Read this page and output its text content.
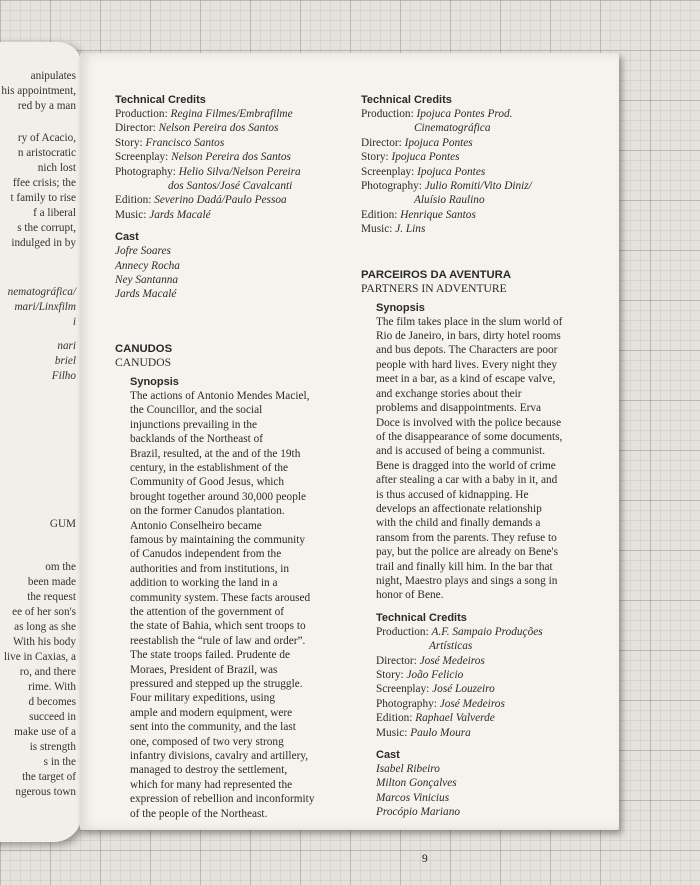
anipulates
his appointment,
red by a man
ry of Acacio,
n aristocratic
nich lost
ffee crisis; the
t family to rise
f a liberal
s the corrupt,
indulged in by
nematográfica/
mari/Linxfilm
i
nari
briel
Filho
GUM
om the
been made
the request
ee of her son's
as long as she
With his body
live in Caxias, a
ro, and there
rime. With
d becomes
succeed in
make use of a
is strength
s in the
the target of
ngerous town

Technical Credits

Production: Regina Filmes/Embrafilme

Director: Nelson Pereira dos Santos

Story: Francisco Santos

Screenplay: Nelson Pereira dos Santos

Photography: Helio Silva/Nelson Pereira

dos Santos/José Cavalcanti

Edition: Severino Dadá/Paulo Pessoa

Music: Jards Macalé

Cast

Jofre Soares

Annecy Rocha

Ney Santanna

Jards Macalé

CANUDOS

CANUDOS

Synopsis

The actions of Antonio Mendes Maciel,

the Councillor, and the social

injunctions prevailing in the

backlands of the Northeast of

Brazil, resulted, at the and of the 19th

century, in the establishment of the

Community of Good Jesus, which

brought together around 30,000 people

on the former Canudos plantation.

Antonio Conselheiro became

famous by maintaining the community

of Canudos independent from the

authorities and from institutions, in

addition to working the land in a

community system. These facts aroused

the attention of the government of

the state of Bahia, which sent troops to

reestablish the “rule of law and order”.

The state troops failed. Prudente de

Moraes, President of Brazil, was

pressured and stepped up the struggle.

Four military expeditions, using

ample and modern equipment, were

sent into the community, and the last

one, composed of two very strong

infantry divisions, cavalry and artillery,

managed to destroy the settlement,

which for many had represented the

expression of rebellion and inconformity

of the people of the Northeast.

Technical Credits

Production: Ipojuca Pontes Prod.

Cinematográfica

Director: Ipojuca Pontes

Story: Ipojuca Pontes

Screenplay: Ipojuca Pontes

Photography: Julio Romiti/Vito Diniz/

Aluísio Raulino

Edition: Henrique Santos

Music: J. Lins

PARCEIROS DA AVENTURA

PARTNERS IN ADVENTURE

Synopsis

The film takes place in the slum world of

Rio de Janeiro, in bars, dirty hotel rooms

and bus depots. The Characters are poor

people with hard lives. Every night they

meet in a bar, as a kind of escape valve,

and exchange stories about their

problems and disappointments. Erva

Doce is involved with the police because

of the disappearance of some documents,

and is accused of being a communist.

Bene is dragged into the world of crime

after stealing a car with a baby in it, and

is thus accused of kidnapping. He

develops an affectionate relationship

with the child and finally demands a

ransom from the parents. They refuse to

pay, but the police are already on Bene's

trail and finally kill him. In the bar that

night, Maestro plays and sings a song in

honor of Bene.

Technical Credits

Production: A.F. Sampaio Produções

Artísticas

Director: José Medeiros

Story: João Felicio

Screenplay: José Louzeiro

Photography: José Medeiros

Edition: Raphael Valverde

Music: Paulo Moura

Cast

Isabel Ribeiro

Milton Gonçalves

Marcos Vinicius

Procópio Mariano

9
